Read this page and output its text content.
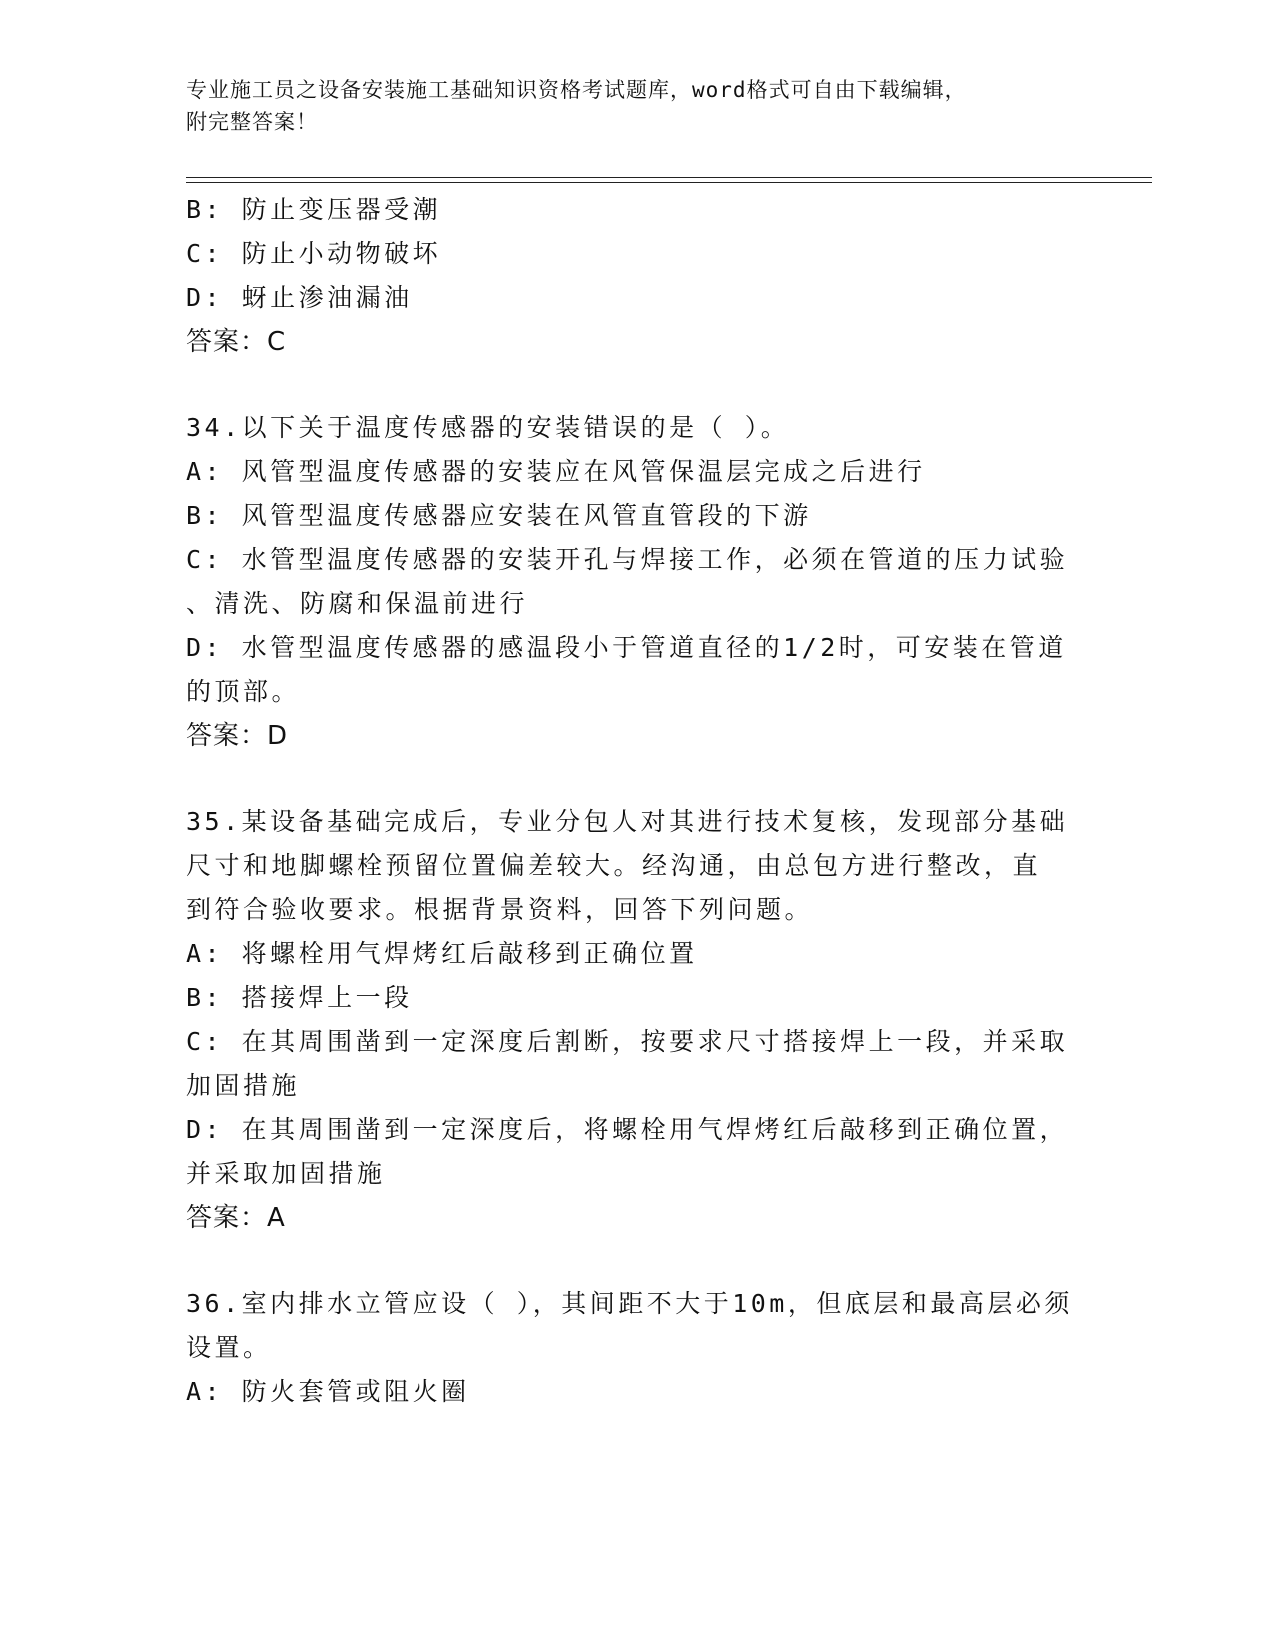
专业施工员之设备安装施工基础知识资格考试题库，word格式可自由下载编辑，
附完整答案！
B: 防止变压器受潮
C: 防止小动物破坏
D: 蚜止渗油漏油
答案：C
34.以下关于温度传感器的安装错误的是（ ）。
A: 风管型温度传感器的安装应在风管保温层完成之后进行
B: 风管型温度传感器应安装在风管直管段的下游
C: 水管型温度传感器的安装开孔与焊接工作，必须在管道的压力试验
、清洗、防腐和保温前进行
D: 水管型温度传感器的感温段小于管道直径的1/2时，可安装在管道
的顶部。
答案：D
35.某设备基础完成后，专业分包人对其进行技术复核，发现部分基础
尺寸和地脚螺栓预留位置偏差较大。经沟通，由总包方进行整改，直
到符合验收要求。根据背景资料，回答下列问题。
A: 将螺栓用气焊烤红后敲移到正确位置
B: 搭接焊上一段
C: 在其周围凿到一定深度后割断，按要求尺寸搭接焊上一段，并采取
加固措施
D: 在其周围凿到一定深度后，将螺栓用气焊烤红后敲移到正确位置，
并采取加固措施
答案：A
36.室内排水立管应设（ ），其间距不大于10m，但底层和最高层必须
设置。
A: 防火套管或阻火圈
